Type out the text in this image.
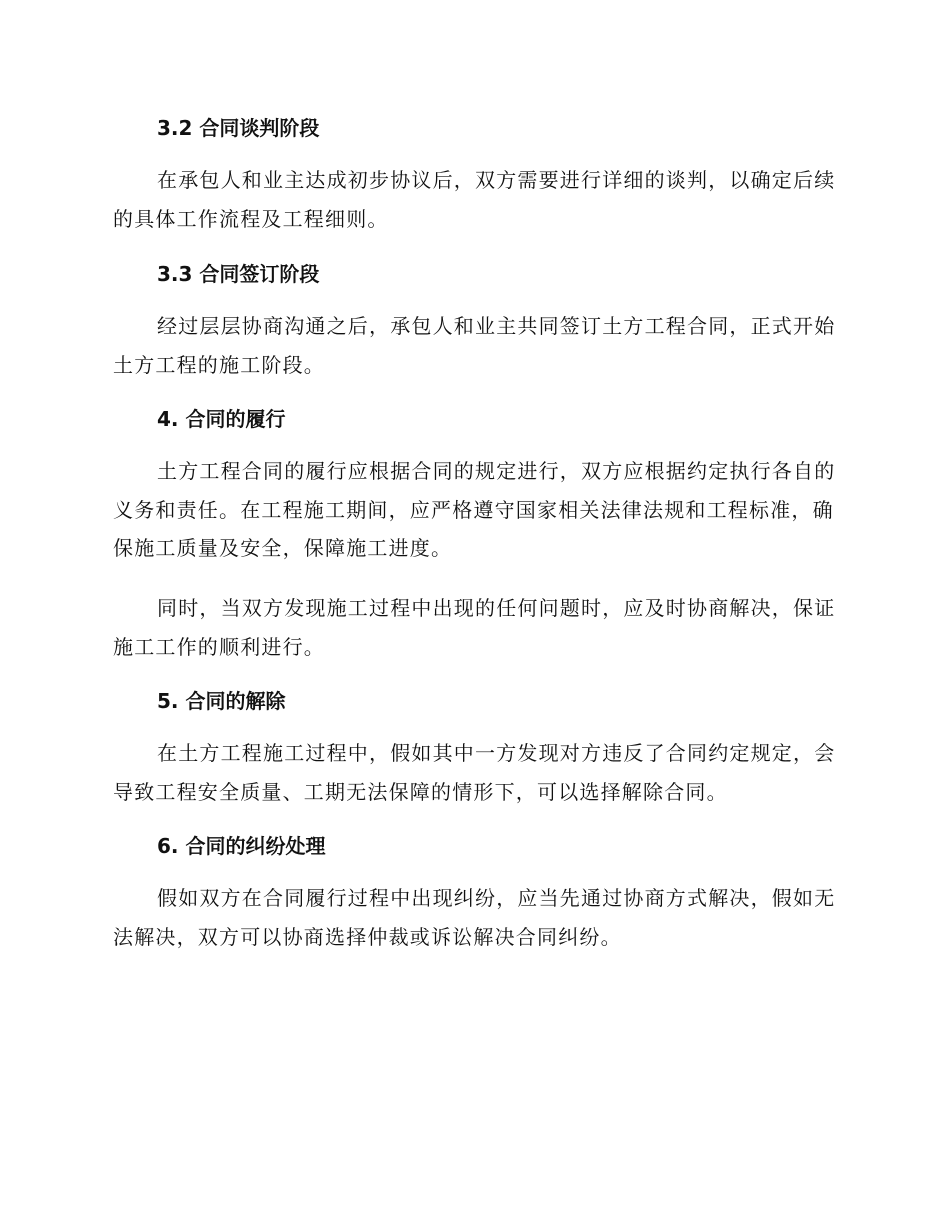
3.2 合同谈判阶段

在承包人和业主达成初步协议后，双方需要进行详细的谈判，以确定后续的具体工作流程及工程细则。

3.3 合同签订阶段

经过层层协商沟通之后，承包人和业主共同签订土方工程合同，正式开始土方工程的施工阶段。

4. 合同的履行

土方工程合同的履行应根据合同的规定进行，双方应根据约定执行各自的义务和责任。在工程施工期间，应严格遵守国家相关法律法规和工程标准，确保施工质量及安全，保障施工进度。

同时，当双方发现施工过程中出现的任何问题时，应及时协商解决，保证施工工作的顺利进行。

5. 合同的解除

在土方工程施工过程中，假如其中一方发现对方违反了合同约定规定，会导致工程安全质量、工期无法保障的情形下，可以选择解除合同。

6. 合同的纠纷处理

假如双方在合同履行过程中出现纠纷，应当先通过协商方式解决，假如无法解决，双方可以协商选择仲裁或诉讼解决合同纠纷。
